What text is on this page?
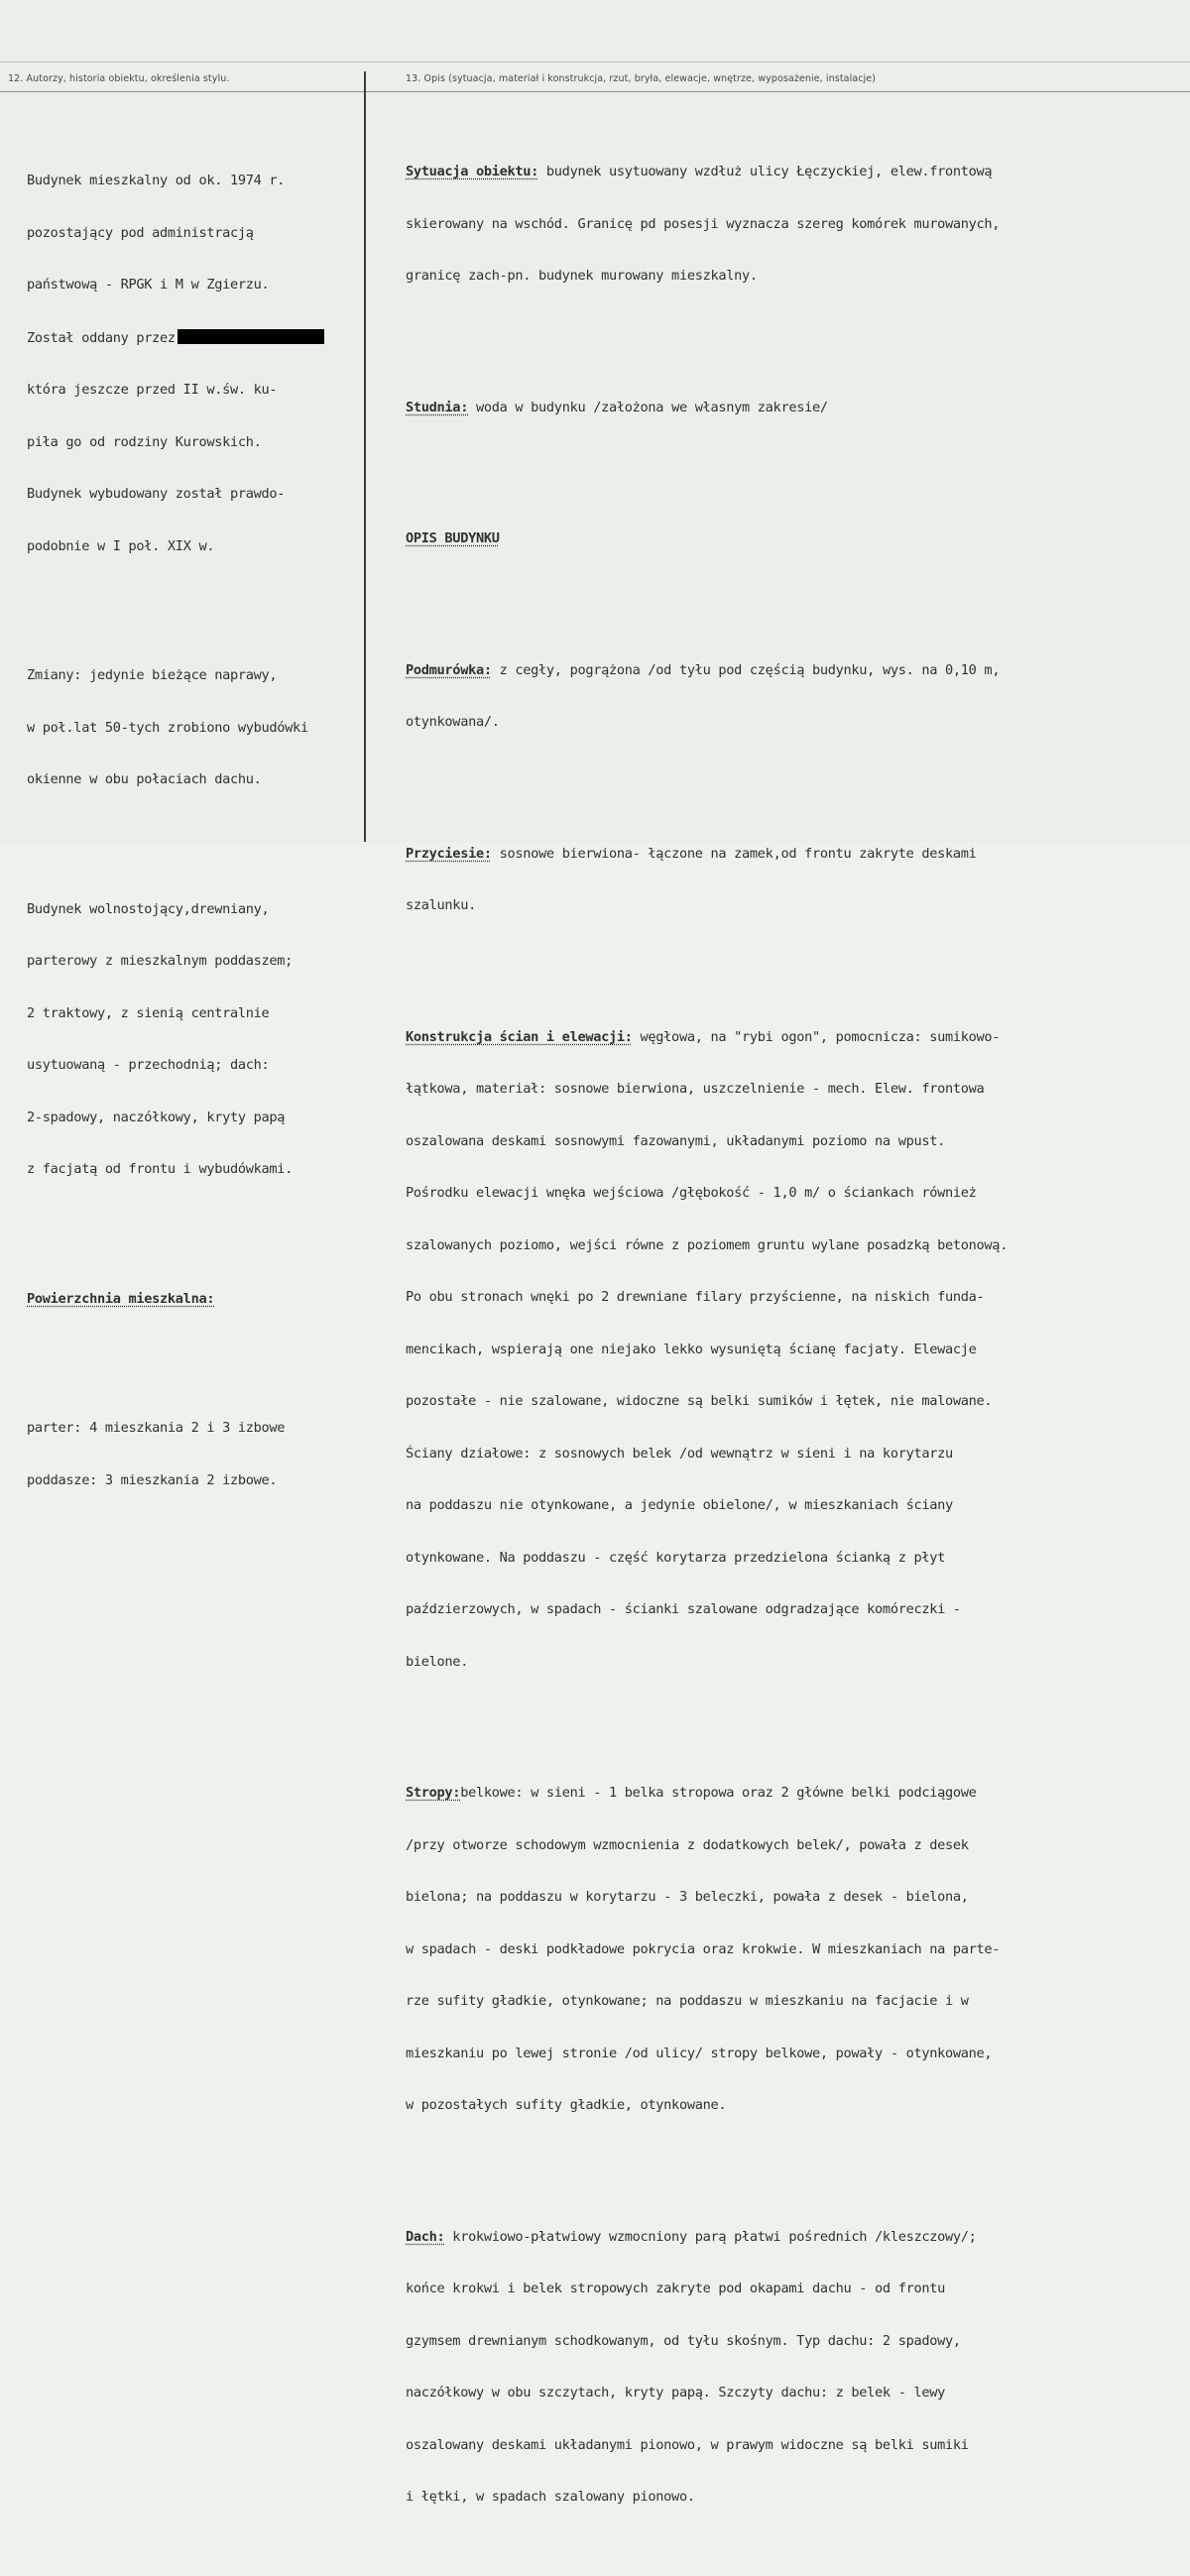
12. Autorzy, historia obiektu, określenia stylu.	13. Opis (sytuacja, materiał i konstrukcja, rzut, bryła, elewacje, wnętrze, wyposażenie, instalacje)

Budynek mieszkalny od ok. 1974 r.

pozostający pod administracją

państwową - RPGK i M w Zgierzu.

Został oddany przez

która jeszcze przed II w.św. ku-

piła go od rodziny Kurowskich.

Budynek wybudowany został prawdo-

podobnie w I poł. XIX w.

Zmiany: jedynie bieżące naprawy,

w poł.lat 50-tych zrobiono wybudówki

okienne w obu połaciach dachu.

Budynek wolnostojący,drewniany,

parterowy z mieszkalnym poddaszem;

2 traktowy, z sienią centralnie

usytuowaną - przechodnią; dach:

2-spadowy, naczółkowy, kryty papą

z facjatą od frontu i wybudówkami.

Powierzchnia mieszkalna:

parter: 4 mieszkania 2 i 3 izbowe

poddasze: 3 mieszkania 2 izbowe.

Sytuacja obiektu: budynek usytuowany wzdłuż ulicy Łęczyckiej, elew.frontową

skierowany na wschód. Granicę pd posesji wyznacza szereg komórek murowanych,

granicę zach-pn. budynek murowany mieszkalny.

Studnia: woda w budynku /założona we własnym zakresie/

OPIS BUDYNKU

Podmurówka: z cegły, pogrążona /od tyłu pod częścią budynku, wys. na 0,10 m,

otynkowana/.

Przyciesie: sosnowe bierwiona- łączone na zamek,od frontu zakryte deskami

szalunku.

Konstrukcja ścian i elewacji: węgłowa, na "rybi ogon", pomocnicza: sumikowo-

łątkowa, materiał: sosnowe bierwiona, uszczelnienie - mech. Elew. frontowa

oszalowana deskami sosnowymi fazowanymi, układanymi poziomo na wpust.

Pośrodku elewacji wnęka wejściowa /głębokość - 1,0 m/ o ściankach również

szalowanych poziomo, wejści równe z poziomem gruntu wylane posadzką betonową.

Po obu stronach wnęki po 2 drewniane filary przyściennе, na niskich funda-

mencikach, wspierają one niejako lekko wysuniętą ścianę facjaty. Elewacje

pozostałe - nie szalowane, widoczne są belki sumików i łętek, nie malowane.

Ściany działowe: z sosnowych belek /od wewnątrz w sieni i na korytarzu

na poddaszu nie otynkowane, a jedynie obielone/, w mieszkaniach ściany

otynkowane. Na poddaszu - część korytarza przedzielona ścianką z płyt

paździerzowych, w spadach - ścianki szalowane odgradzające komóreczki -

bielone.

Stropy:belkowe: w sieni - 1 belka stropowa oraz 2 główne belki podciągowe

/przy otworze schodowym wzmocnienia z dodatkowych belek/, powała z desek

bielona; na poddaszu w korytarzu - 3 beleczki, powała z desek - bielona,

w spadach - deski podkładowe pokrycia oraz krokwie. W mieszkaniach na parte-

rze sufity gładkie, otynkowane; na poddaszu w mieszkaniu na facjacie i w

mieszkaniu po lewej stronie /od ulicy/ stropy belkowe, powały - otynkowane,

w pozostałych sufity gładkie, otynkowane.

Dach: krokwiowo-płatwiowy wzmocniony parą płatwi pośrednich /kleszczowy/;

końce krokwi i belek stropowych zakryte pod okapami dachu - od frontu

gzymsem drewnianym schodkowanym, od tyłu skośnym. Typ dachu: 2 spadowy,

naczółkowy w obu szczytach, kryty papą. Szczyty dachu: z belek - lewy

oszalowany deskami układanymi pionowo, w prawym widoczne są belki sumiki

i łętki, w spadach szalowany pionowo.
